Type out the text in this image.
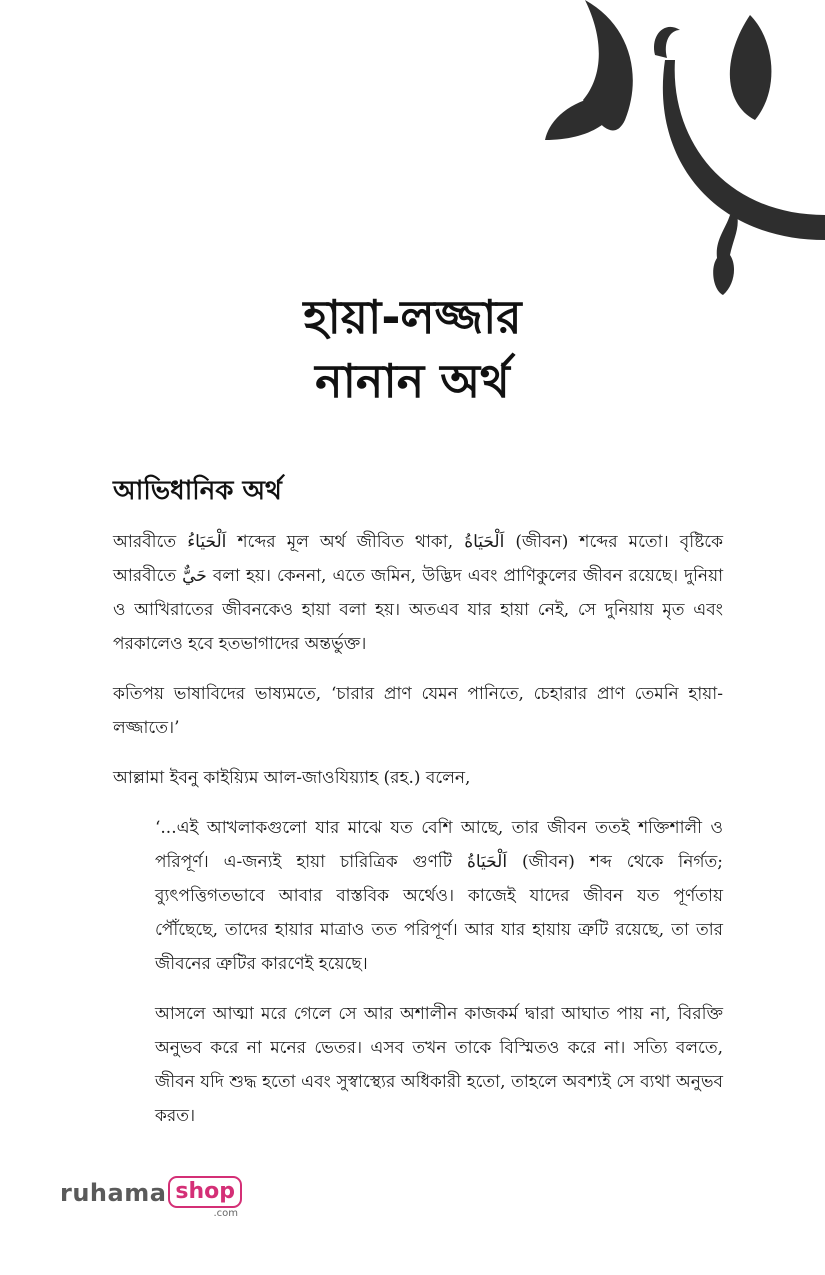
হায়া-লজ্জার
নানান অর্থ
আভিধানিক অর্থ

আরবীতে اَلْحَيَاءُ শব্দের মূল অর্থ জীবিত থাকা, اَلْحَيَاةُ (জীবন) শব্দের মতো। বৃষ্টিকে আরবীতে حَيٌّ বলা হয়। কেননা, এতে জমিন, উদ্ভিদ এবং প্রাণিকুলের জীবন রয়েছে। দুনিয়া ও আখিরাতের জীবনকেও হায়া বলা হয়। অতএব যার হায়া নেই, সে দুনিয়ায় মৃত এবং পরকালেও হবে হতভাগাদের অন্তর্ভুক্ত।

কতিপয় ভাষাবিদের ভাষ্যমতে, ‘চারার প্রাণ যেমন পানিতে, চেহারার প্রাণ তেমনি হায়া-লজ্জাতে।’

আল্লামা ইবনু কাইয়্যিম আল-জাওযিয়্যাহ (রহ.) বলেন,

‘...এই আখলাকগুলো যার মাঝে যত বেশি আছে, তার জীবন ততই শক্তিশালী ও পরিপূর্ণ। এ-জন্যই হায়া চারিত্রিক গুণটি اَلْحَيَاةُ (জীবন) শব্দ থেকে নির্গত; ব্যুৎপত্তিগতভাবে আবার বাস্তবিক অর্থেও। কাজেই যাদের জীবন যত পূর্ণতায় পৌঁছেছে, তাদের হায়ার মাত্রাও তত পরিপূর্ণ। আর যার হায়ায় ত্রুটি রয়েছে, তা তার জীবনের ত্রুটির কারণেই হয়েছে।

আসলে আত্মা মরে গেলে সে আর অশালীন কাজকর্ম দ্বারা আঘাত পায় না, বিরক্তি অনুভব করে না মনের ভেতর। এসব তখন তাকে বিস্মিতও করে না। সত্যি বলতে, জীবন যদি শুদ্ধ হতো এবং সুস্বাস্থ্যের অধিকারী হতো, তাহলে অবশ্যই সে ব্যথা অনুভব করত।

ruhama shop
.com
